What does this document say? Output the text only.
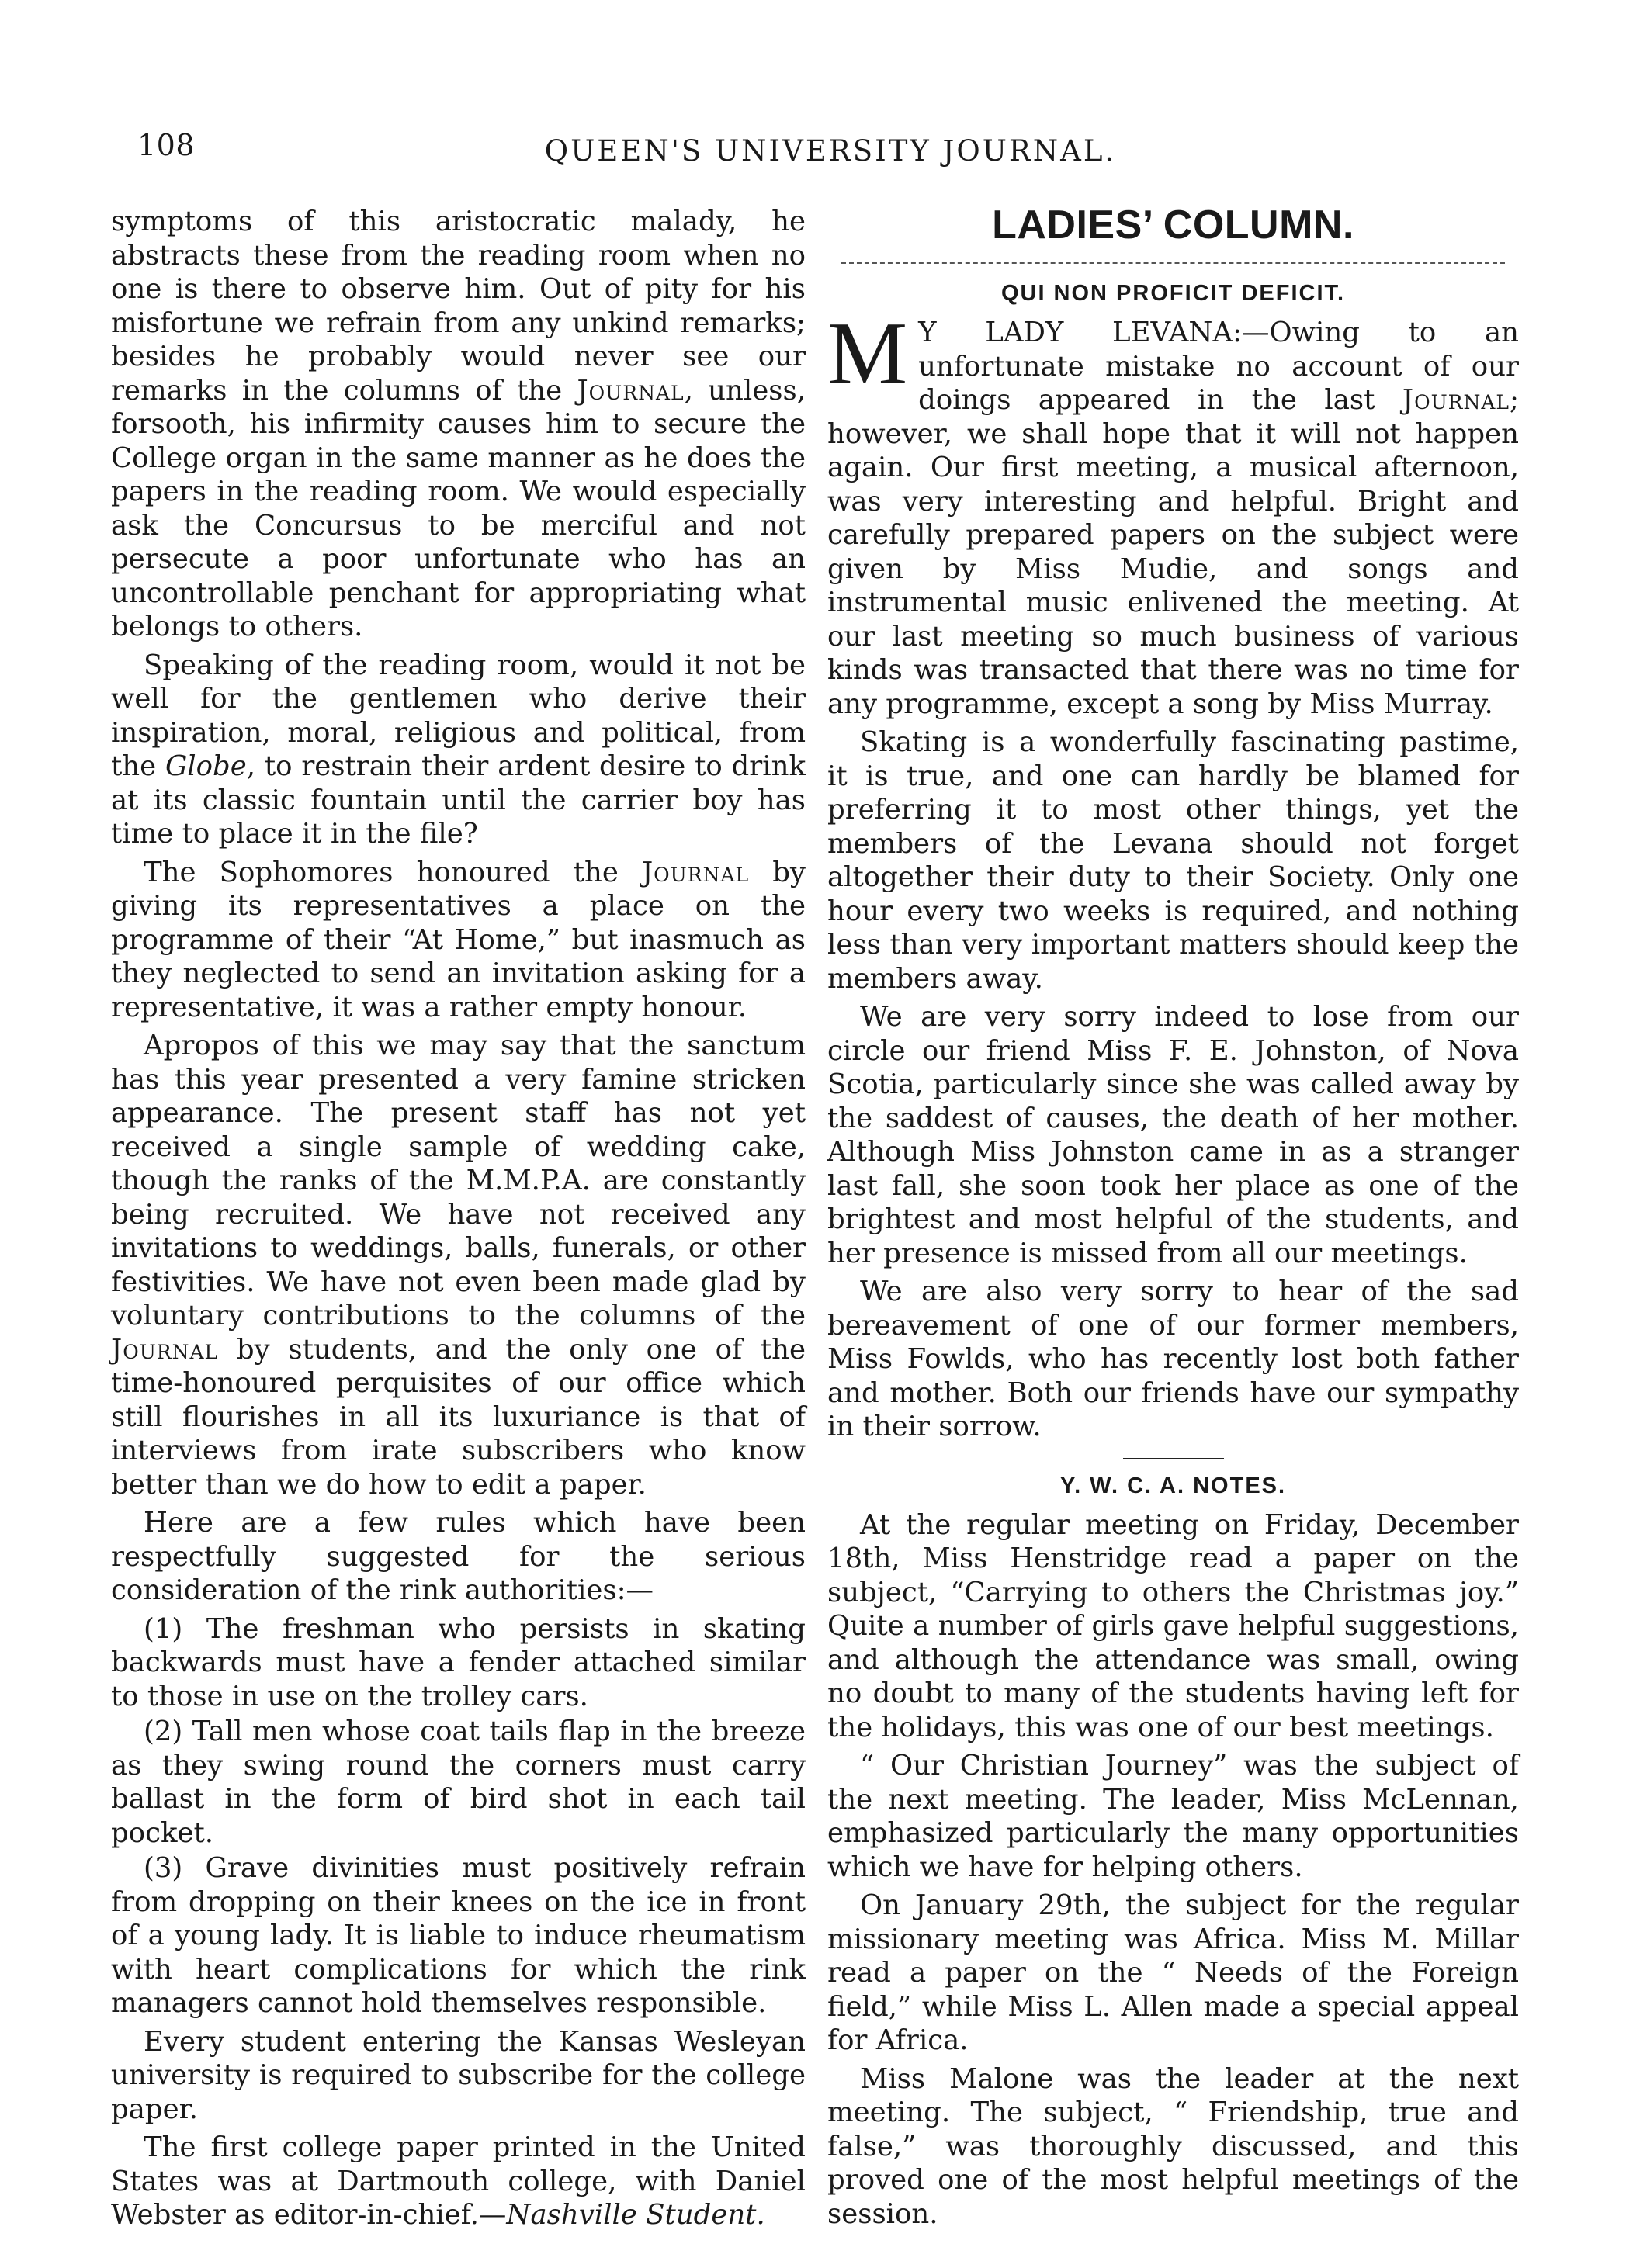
108	QUEEN'S UNIVERSITY JOURNAL.

symptoms of this aristocratic malady, he abstracts these from the reading room when no one is there to observe him. Out of pity for his misfortune we refrain from any unkind remarks; besides he probably would never see our remarks in the columns of the Journal, unless, forsooth, his infirmity causes him to secure the College organ in the same manner as he does the papers in the reading room. We would especially ask the Concursus to be merciful and not persecute a poor unfortunate who has an uncontrollable penchant for appropriating what belongs to others.

Speaking of the reading room, would it not be well for the gentlemen who derive their inspiration, moral, religious and political, from the Globe, to restrain their ardent desire to drink at its classic fountain until the carrier boy has time to place it in the file?

The Sophomores honoured the Journal by giving its representatives a place on the programme of their “At Home,” but inasmuch as they neglected to send an invitation asking for a representative, it was a rather empty honour.

Apropos of this we may say that the sanctum has this year presented a very famine stricken appearance. The present staff has not yet received a single sample of wedding cake, though the ranks of the M.M.P.A. are constantly being recruited. We have not received any invitations to weddings, balls, funerals, or other festivities. We have not even been made glad by voluntary contributions to the columns of the Journal by students, and the only one of the time-honoured perquisites of our office which still flourishes in all its luxuriance is that of interviews from irate subscribers who know better than we do how to edit a paper.

Here are a few rules which have been respectfully suggested for the serious consideration of the rink authorities:—

(1) The freshman who persists in skating backwards must have a fender attached similar to those in use on the trolley cars.

(2) Tall men whose coat tails flap in the breeze as they swing round the corners must carry ballast in the form of bird shot in each tail pocket.

(3) Grave divinities must positively refrain from dropping on their knees on the ice in front of a young lady. It is liable to induce rheumatism with heart complications for which the rink managers cannot hold themselves responsible.

Every student entering the Kansas Wesleyan university is required to subscribe for the college paper.

The first college paper printed in the United States was at Dartmouth college, with Daniel Webster as editor-in-chief.—Nashville Student.

LADIES’ COLUMN.
QUI NON PROFICIT DEFICIT.

M Y LADY LEVANA:—Owing to an unfortunate mistake no account of our doings appeared in the last Journal; however, we shall hope that it will not happen again. Our first meeting, a musical afternoon, was very interesting and helpful. Bright and carefully prepared papers on the subject were given by Miss Mudie, and songs and instrumental music enlivened the meeting. At our last meeting so much business of various kinds was transacted that there was no time for any programme, except a song by Miss Murray.

Skating is a wonderfully fascinating pastime, it is true, and one can hardly be blamed for preferring it to most other things, yet the members of the Levana should not forget altogether their duty to their Society. Only one hour every two weeks is required, and nothing less than very important matters should keep the members away.

We are very sorry indeed to lose from our circle our friend Miss F. E. Johnston, of Nova Scotia, particularly since she was called away by the saddest of causes, the death of her mother. Although Miss Johnston came in as a stranger last fall, she soon took her place as one of the brightest and most helpful of the students, and her presence is missed from all our meetings.

We are also very sorry to hear of the sad bereavement of one of our former members, Miss Fowlds, who has recently lost both father and mother. Both our friends have our sympathy in their sorrow.

Y. W. C. A. NOTES.

At the regular meeting on Friday, December 18th, Miss Henstridge read a paper on the subject, “Carrying to others the Christmas joy.” Quite a number of girls gave helpful suggestions, and although the attendance was small, owing no doubt to many of the students having left for the holidays, this was one of our best meetings.

“ Our Christian Journey” was the subject of the next meeting. The leader, Miss McLennan, emphasized particularly the many opportunities which we have for helping others.

On January 29th, the subject for the regular missionary meeting was Africa. Miss M. Millar read a paper on the “ Needs of the Foreign field,” while Miss L. Allen made a special appeal for Africa.

Miss Malone was the leader at the next meeting. The subject, “ Friendship, true and false,” was thoroughly discussed, and this proved one of the most helpful meetings of the session.
